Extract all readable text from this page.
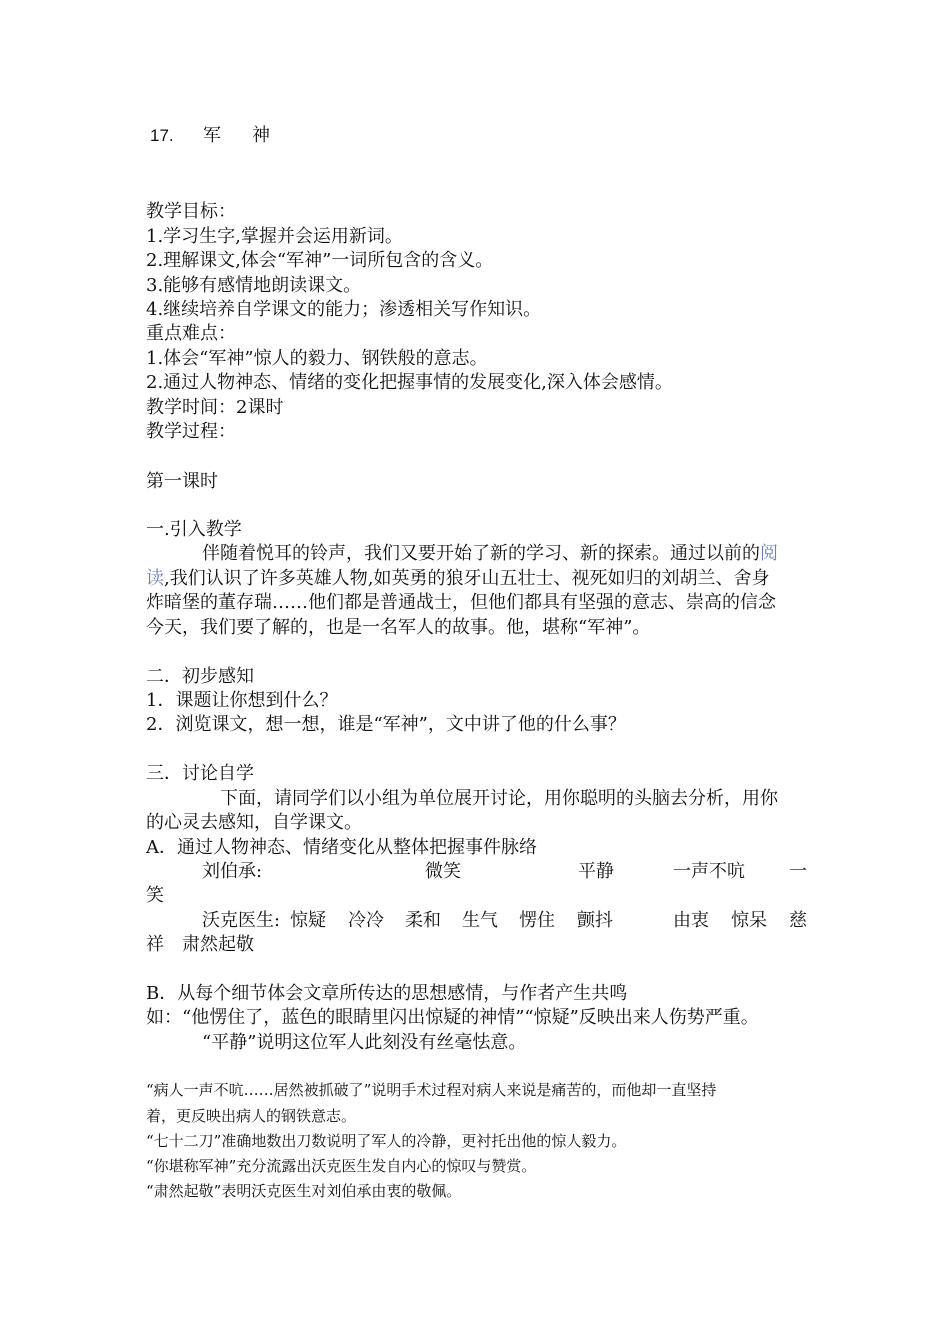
17. 军 神
教学目标：
1.学习生字,掌握并会运用新词。
2.理解课文,体会“军神”一词所包含的含义。
3.能够有感情地朗读课文。
4.继续培养自学课文的能力；渗透相关写作知识。
重点难点：
1.体会“军神”惊人的毅力、钢铁般的意志。
2.通过人物神态、情绪的变化把握事情的发展变化,深入体会感情。
教学时间：2课时
教学过程：
第一课时
一.引入教学
伴随着悦耳的铃声，我们又要开始了新的学习、新的探索。通过以前的阅
读,我们认识了许多英雄人物,如英勇的狼牙山五壮士、视死如归的刘胡兰、舍身
炸暗堡的董存瑞……他们都是普通战士，但他们都具有坚强的意志、崇高的信念
今天，我们要了解的，也是一名军人的故事。他，堪称“军神”。
二．初步感知
1．课题让你想到什么？
2．浏览课文，想一想，谁是“军神”，文中讲了他的什么事？
三．讨论自学
下面，请同学们以小组为单位展开讨论，用你聪明的头脑去分析，用你
的心灵去感知，自学课文。
A．通过人物神态、情绪变化从整体把握事件脉络
刘伯承:	微笑	平静	一声不吭 一
笑
沃克医生: 惊疑 冷冷 柔和 生气 愣住 颤抖	由衷 惊呆 慈
祥　肃然起敬
B．从每个细节体会文章所传达的思想感情，与作者产生共鸣
如：“他愣住了，蓝色的眼睛里闪出惊疑的神情”“惊疑”反映出来人伤势严重。
“平静”说明这位军人此刻没有丝毫怯意。
“病人一声不吭……居然被抓破了”说明手术过程对病人来说是痛苦的，而他却一直坚持
着，更反映出病人的钢铁意志。
“七十二刀”准确地数出刀数说明了军人的冷静，更衬托出他的惊人毅力。
“你堪称军神”充分流露出沃克医生发自内心的惊叹与赞赏。
“肃然起敬”表明沃克医生对刘伯承由衷的敬佩。
